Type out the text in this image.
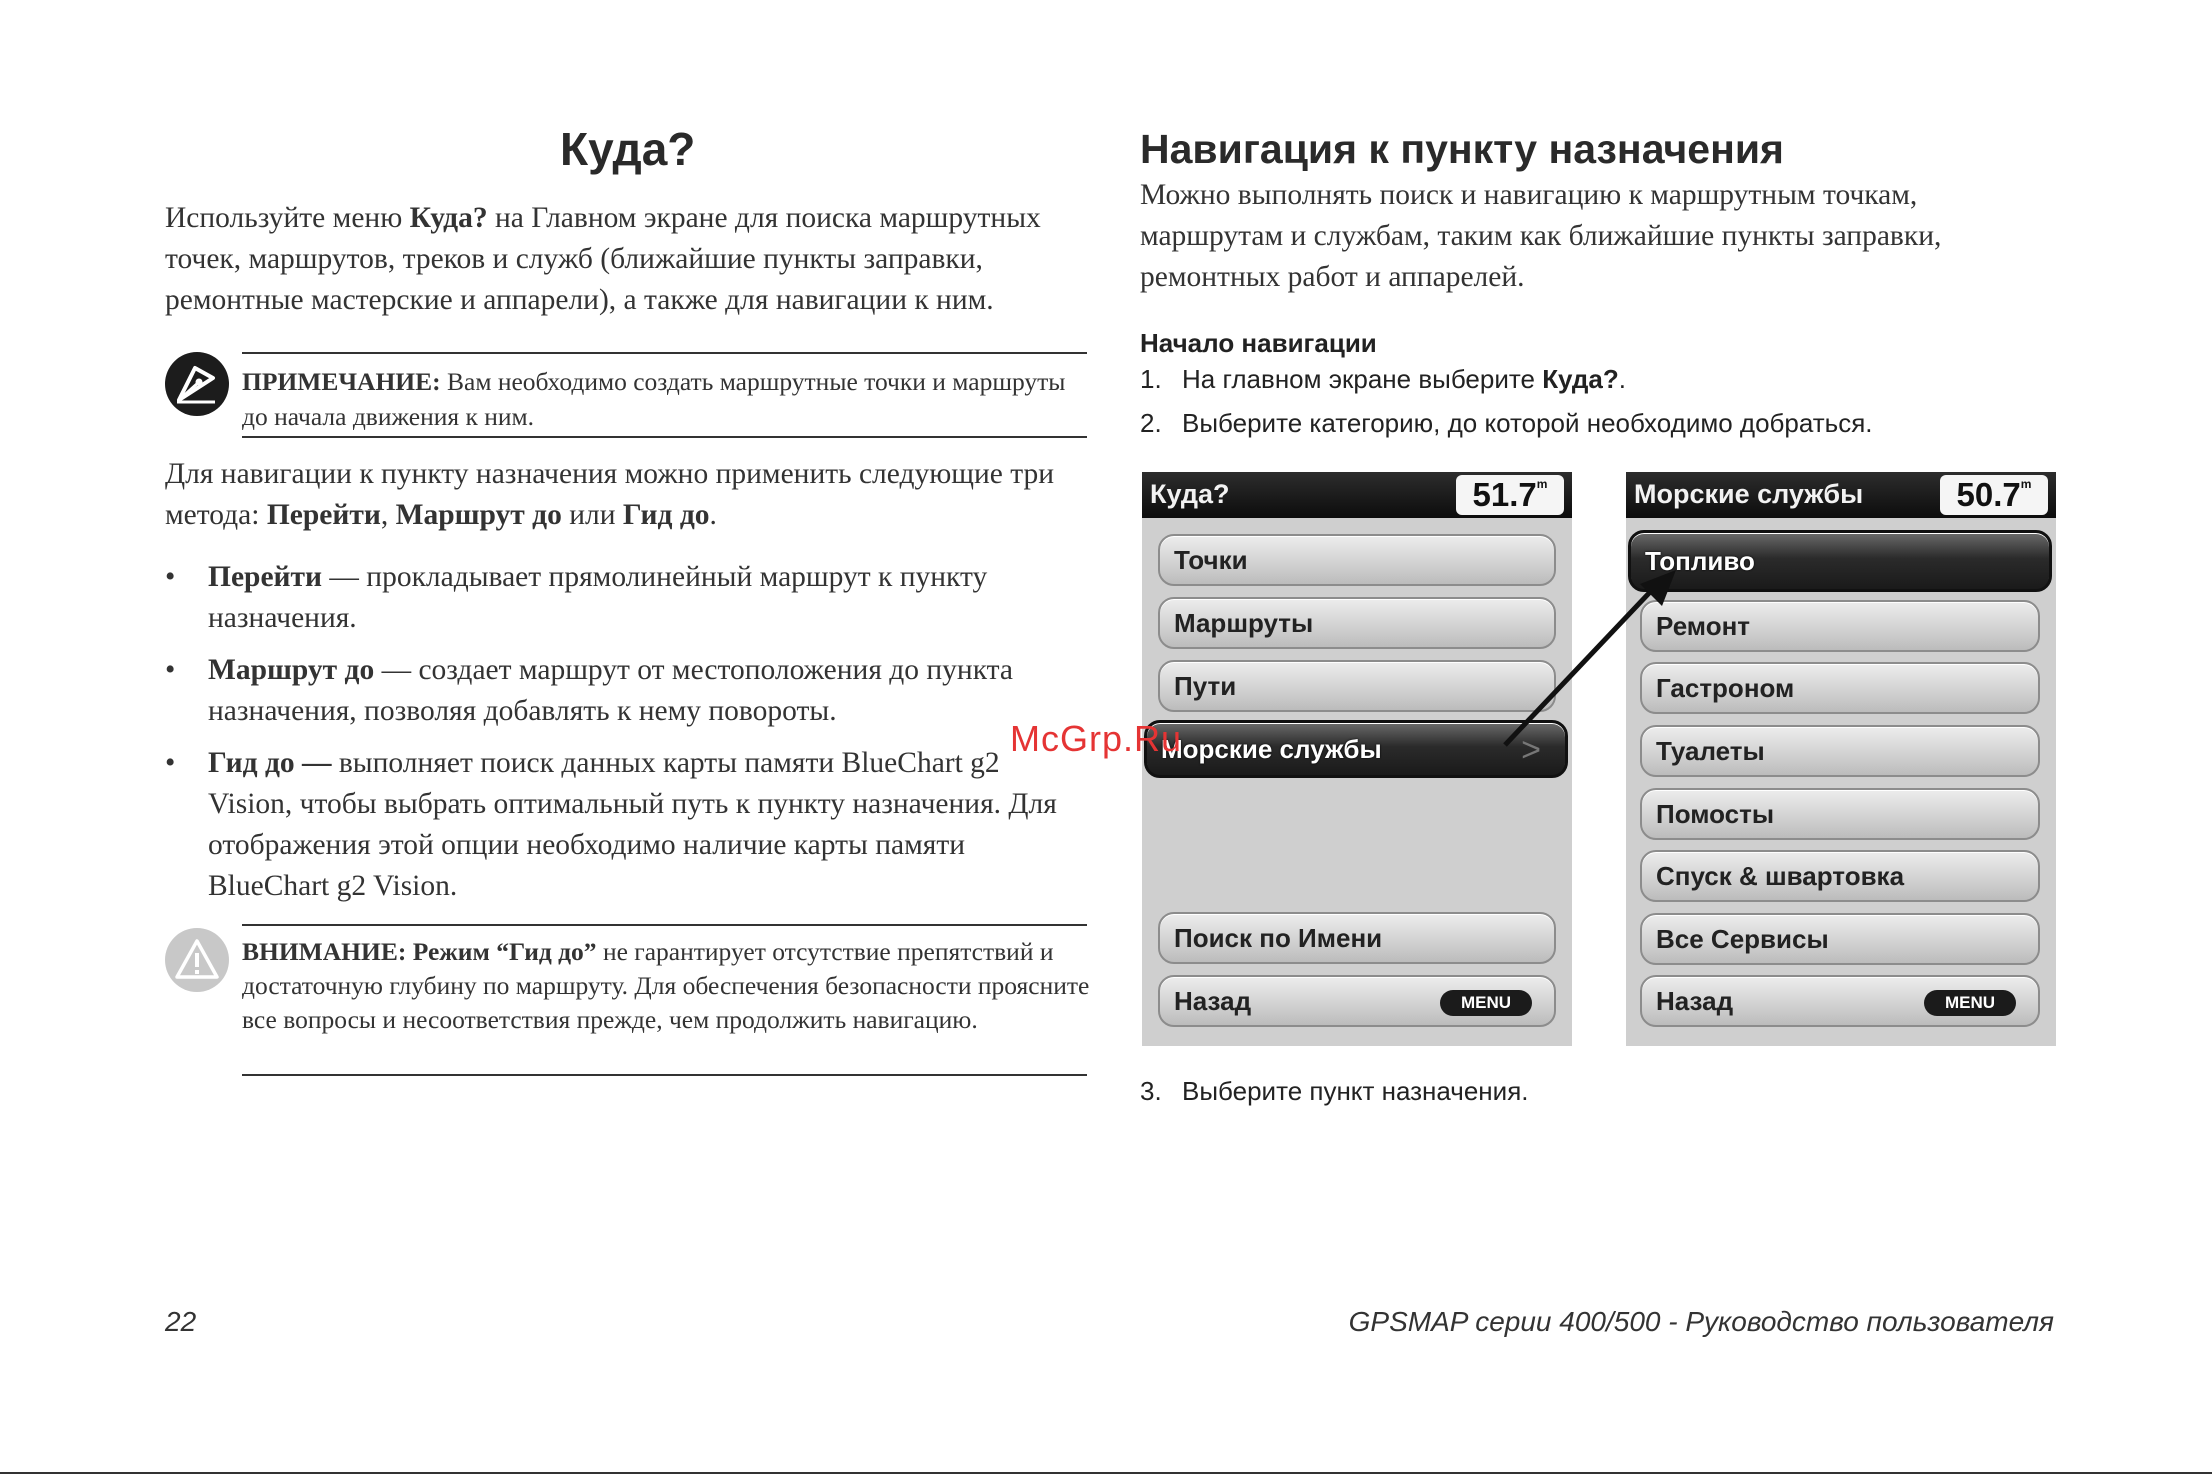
Куда?
Используйте меню Куда? на Главном экране для поиска маршрутных точек, маршрутов, треков и служб (ближайшие пункты заправки, ремонтные мастерские и аппарели), а также для навигации к ним.
ПРИМЕЧАНИЕ: Вам необходимо создать маршрутные точки и маршруты до начала движения к ним.
Для навигации к пункту назначения можно применить следующие три метода: Перейти, Маршрут до или Гид до.
• Перейти — прокладывает прямолинейный маршрут к пункту назначения.
• Маршрут до — создает маршрут от местоположения до пункта назначения, позволяя добавлять к нему повороты.
• Гид до — выполняет поиск данных карты памяти BlueChart g2 Vision, чтобы выбрать оптимальный путь к пункту назначения. Для отображения этой опции необходимо наличие карты памяти BlueChart g2 Vision.
ВНИМАНИЕ: Режим “Гид до” не гарантирует отсутствие препятствий и достаточную глубину по маршруту. Для обеспечения безопасности проясните все вопросы и несоответствия прежде, чем продолжить навигацию.
Навигация к пункту назначения
Можно выполнять поиск и навигацию к маршрутным точкам, маршрутам и службам, таким как ближайшие пункты заправки, ремонтных работ и аппарелей.
Начало навигации
1. На главном экране выберите Куда?.
2. Выберите категорию, до которой необходимо добраться.
Куда?	51.7$^m$
Точки
Маршруты
Пути
Морские службы	>
Поиск по Имени
Назад	MENU
Морские службы	50.7$^m$
Топливо
Ремонт
Гастроном
Туалеты
Помосты
Спуск & швартовка
Все Сервисы
Назад	MENU
McGrp.Ru
3. Выберите пункт назначения.
22	GPSMAP серии 400/500 - Руководство пользователя
